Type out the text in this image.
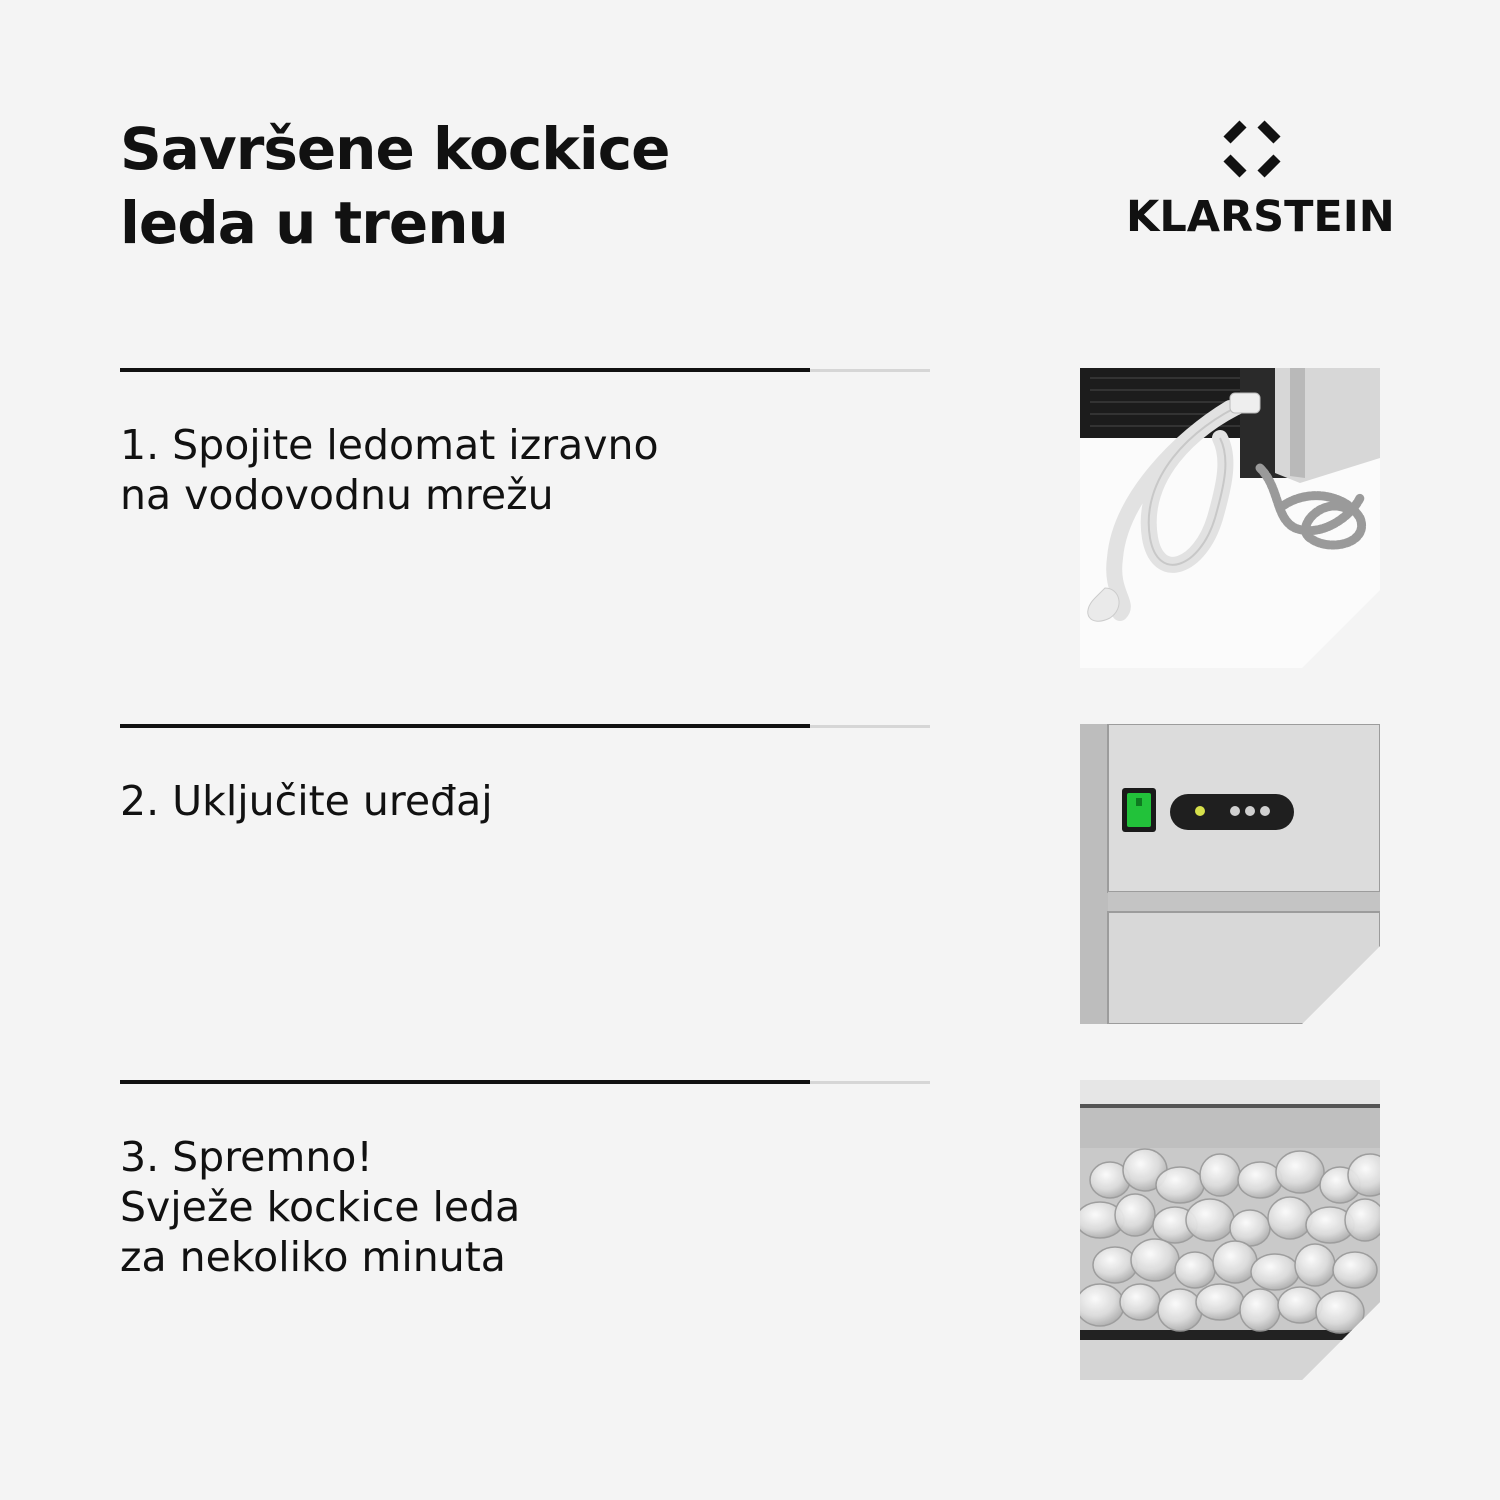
Savršene kockice
leda u trenu	KLARSTEIN
1. Spojite ledomat izravno
na vodovodnu mrežu
2. Uključite uređaj
3. Spremno!
Svježe kockice leda
za nekoliko minuta
